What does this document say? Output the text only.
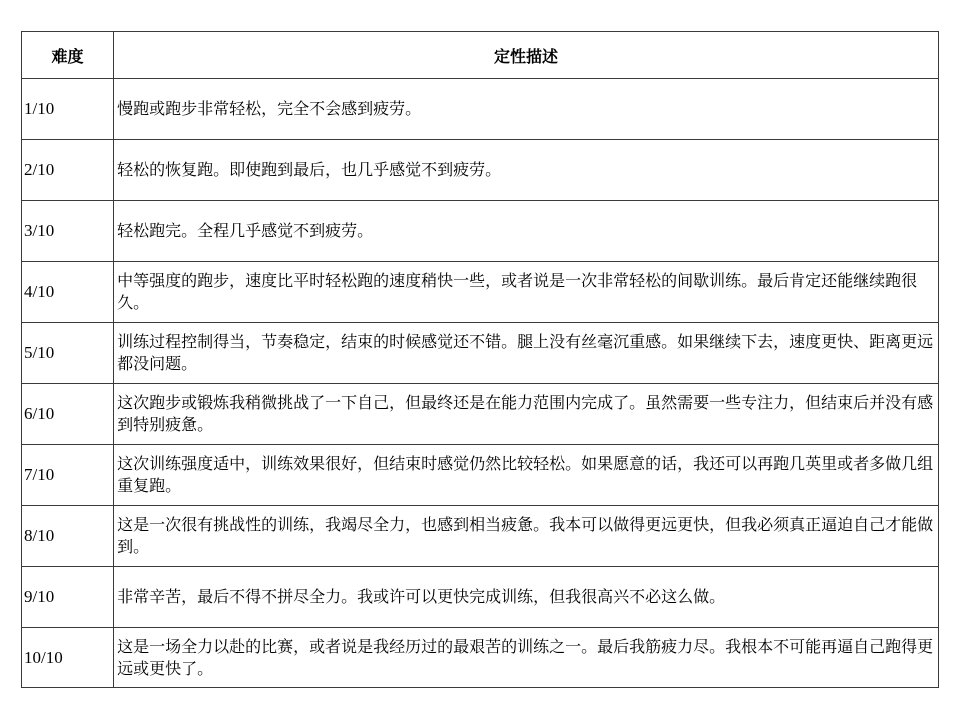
难度	定性描述
1/10	慢跑或跑步非常轻松，完全不会感到疲劳。
2/10	轻松的恢复跑。即使跑到最后，也几乎感觉不到疲劳。
3/10	轻松跑完。全程几乎感觉不到疲劳。
4/10	中等强度的跑步，速度比平时轻松跑的速度稍快一些，或者说是一次非常轻松的间歇训练。最后肯定还能继续跑很久。
5/10	训练过程控制得当，节奏稳定，结束的时候感觉还不错。腿上没有丝毫沉重感。如果继续下去，速度更快、距离更远都没问题。
6/10	这次跑步或锻炼我稍微挑战了一下自己，但最终还是在能力范围内完成了。虽然需要一些专注力，但结束后并没有感到特别疲惫。
7/10	这次训练强度适中，训练效果很好，但结束时感觉仍然比较轻松。如果愿意的话，我还可以再跑几英里或者多做几组重复跑。
8/10	这是一次很有挑战性的训练，我竭尽全力，也感到相当疲惫。我本可以做得更远更快，但我必须真正逼迫自己才能做到。
9/10	非常辛苦，最后不得不拼尽全力。我或许可以更快完成训练，但我很高兴不必这么做。
10/10	这是一场全力以赴的比赛，或者说是我经历过的最艰苦的训练之一。最后我筋疲力尽。我根本不可能再逼自己跑得更远或更快了。
